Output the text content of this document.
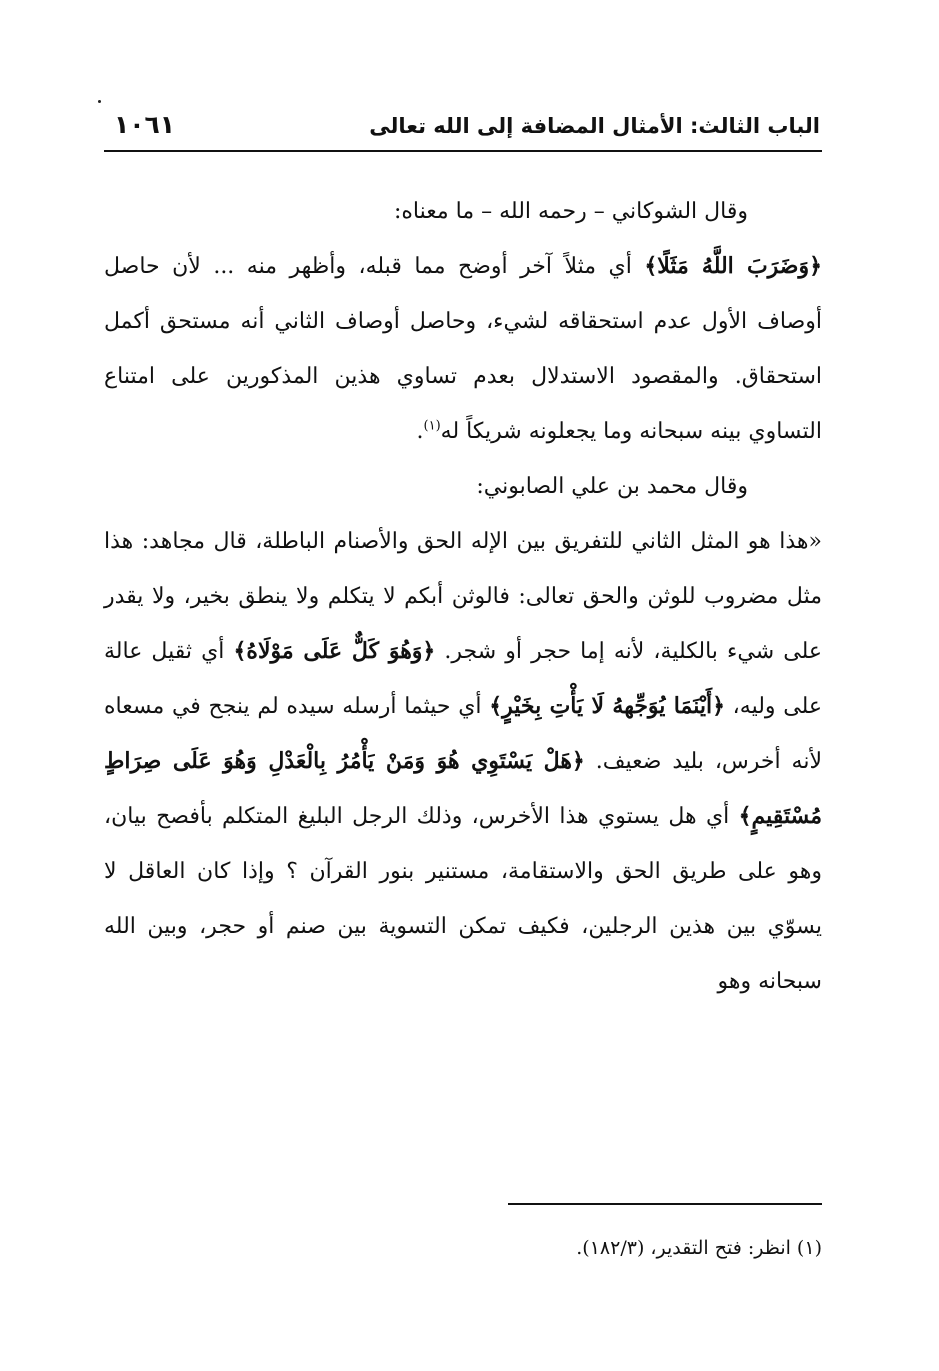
الباب الثالث: الأمثال المضافة إلى الله تعالى
١٠٦١

وقال الشوكاني – رحمه الله – ما معناه:

﴿وَضَرَبَ اللَّهُ مَثَلًا﴾ أي مثلاً آخر أوضح مما قبله، وأظهر منه ... لأن حاصل أوصاف الأول عدم استحقاقه لشيء، وحاصل أوصاف الثاني أنه مستحق أكمل استحقاق. والمقصود الاستدلال بعدم تساوي هذين المذكورين على امتناع التساوي بينه سبحانه وما يجعلونه شريكاً له$^{(١)}$.

وقال محمد بن علي الصابوني:

«هذا هو المثل الثاني للتفريق بين الإله الحق والأصنام الباطلة، قال مجاهد: هذا مثل مضروب للوثن والحق تعالى: فالوثن أبكم لا يتكلم ولا ينطق بخير، ولا يقدر على شيء بالكلية، لأنه إما حجر أو شجر. ﴿وَهُوَ كَلٌّ عَلَى مَوْلَاهُ﴾ أي ثقيل عالة على وليه، ﴿أَيْنَمَا يُوَجِّههُ لَا يَأْتِ بِخَيْرٍ﴾ أي حيثما أرسله سيده لم ينجح في مسعاه لأنه أخرس، بليد ضعيف. ﴿هَلْ يَسْتَوِي هُوَ وَمَنْ يَأْمُرُ بِالْعَدْلِ وَهُوَ عَلَى صِرَاطٍ مُسْتَقِيمٍ﴾ أي هل يستوي هذا الأخرس، وذلك الرجل البليغ المتكلم بأفصح بيان، وهو على طريق الحق والاستقامة، مستنير بنور القرآن ؟ وإذا كان العاقل لا يسوّي بين هذين الرجلين، فكيف تمكن التسوية بين صنم أو حجر، وبين الله سبحانه وهو

(١) انظر: فتح التقدير، (١٨٢/٣).
